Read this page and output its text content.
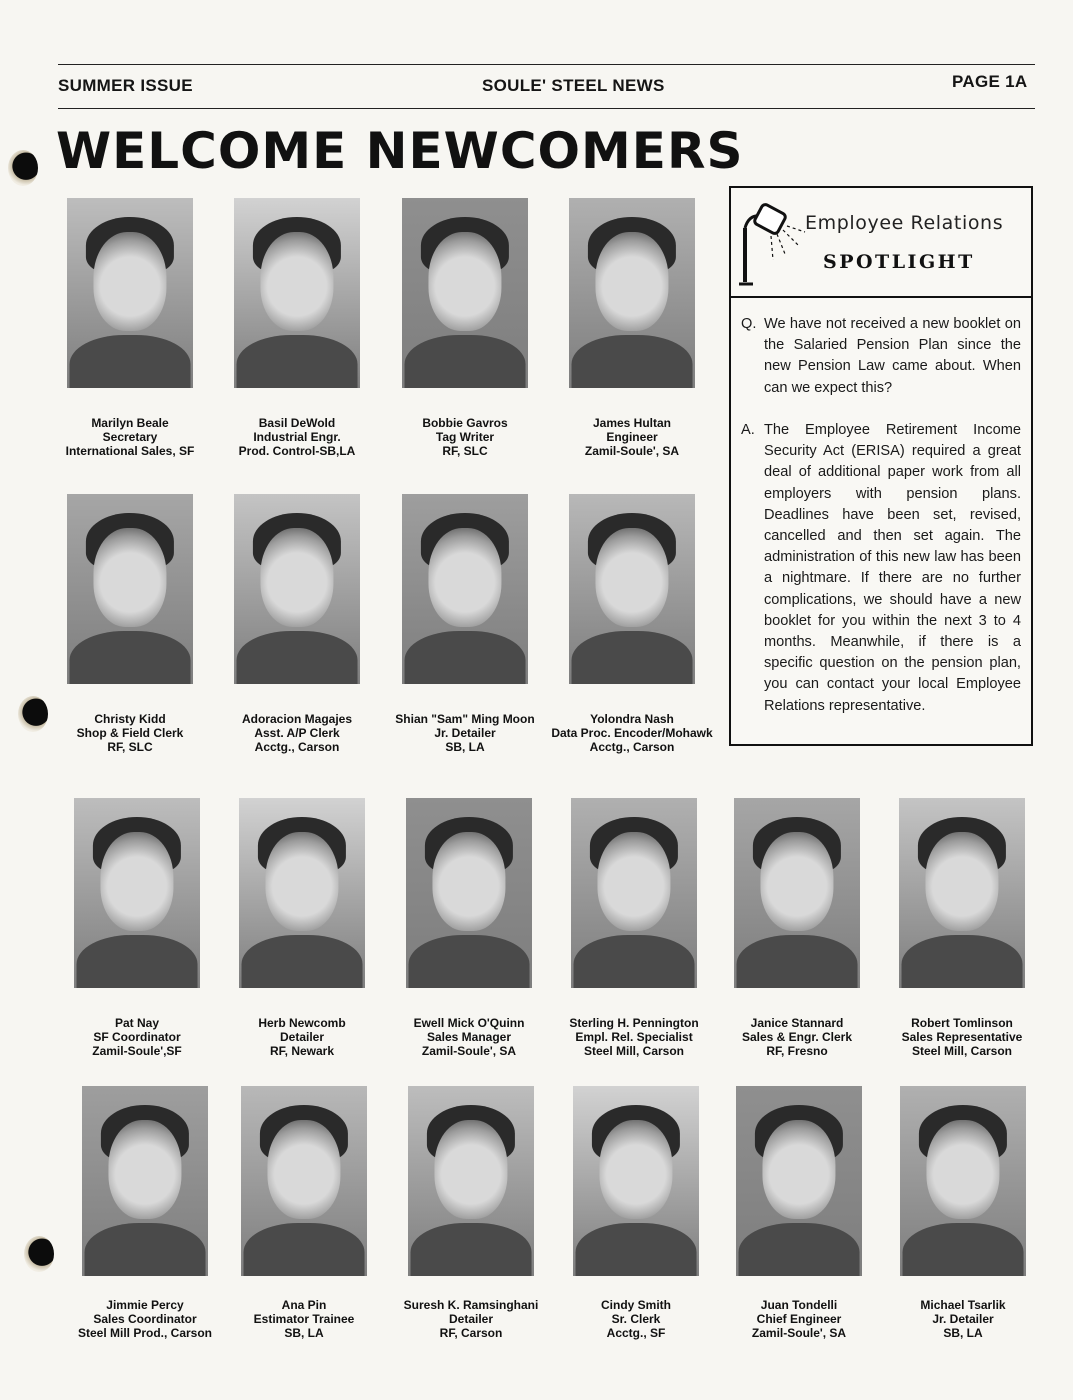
SUMMER ISSUE	SOULE' STEEL NEWS	PAGE 1A
WELCOME NEWCOMERS
Marilyn Beale
Secretary
International Sales, SF
Basil DeWold
Industrial Engr.
Prod. Control-SB,LA
Bobbie Gavros
Tag Writer
RF, SLC
James Hultan
Engineer
Zamil-Soule', SA
Christy Kidd
Shop & Field Clerk
RF, SLC
Adoracion Magajes
Asst. A/P Clerk
Acctg., Carson
Shian "Sam" Ming Moon
Jr. Detailer
SB, LA
Yolondra Nash
Data Proc. Encoder/Mohawk
Acctg., Carson
Pat Nay
SF Coordinator
Zamil-Soule',SF
Herb Newcomb
Detailer
RF, Newark
Ewell Mick O'Quinn
Sales Manager
Zamil-Soule', SA
Sterling H. Pennington
Empl. Rel. Specialist
Steel Mill, Carson
Janice Stannard
Sales & Engr. Clerk
RF, Fresno
Robert Tomlinson
Sales Representative
Steel Mill, Carson
Jimmie Percy
Sales Coordinator
Steel Mill Prod., Carson
Ana Pin
Estimator Trainee
SB, LA
Suresh K. Ramsinghani
Detailer
RF, Carson
Cindy Smith
Sr. Clerk
Acctg., SF
Juan Tondelli
Chief Engineer
Zamil-Soule', SA
Michael Tsarlik
Jr. Detailer
SB, LA
Employee Relations
SPOTLIGHT
Q. We have not received a new booklet on the Salaried Pension Plan since the new Pension Law came about. When can we expect this?
A. The Employee Retirement Income Security Act (ERISA) required a great deal of additional paper work from all employers with pension plans. Deadlines have been set, revised, cancelled and then set again. The administration of this new law has been a nightmare. If there are no further complications, we should have a new booklet for you within the next 3 to 4 months. Meanwhile, if there is a specific question on the pension plan, you can contact your local Employee Relations representative.
